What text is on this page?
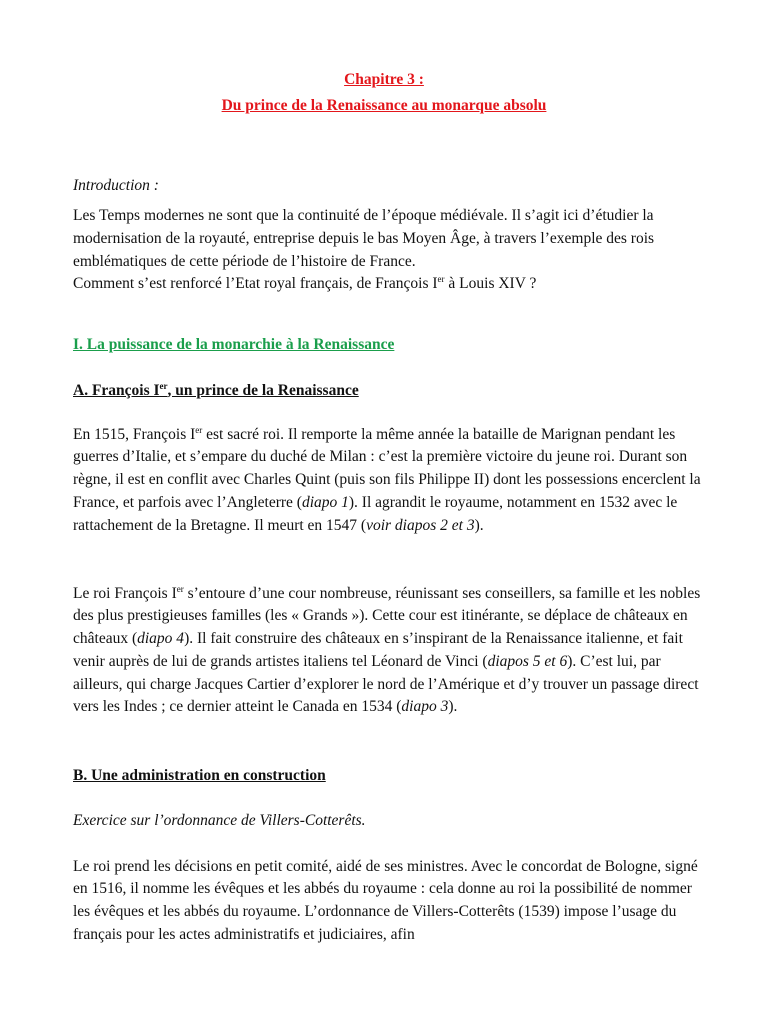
Chapitre 3 :
Du prince de la Renaissance au monarque absolu

Introduction :

Les Temps modernes ne sont que la continuité de l’époque médiévale. Il s’agit ici d’étudier la modernisation de la royauté, entreprise depuis le bas Moyen Âge, à travers l’exemple des rois emblématiques de cette période de l’histoire de France.

Comment s’est renforcé l’Etat royal français, de François Ier à Louis XIV ?

I. La puissance de la monarchie à la Renaissance

A. François Ier, un prince de la Renaissance

En 1515, François Ier est sacré roi. Il remporte la même année la bataille de Marignan pendant les guerres d’Italie, et s’empare du duché de Milan : c’est la première victoire du jeune roi. Durant son règne, il est en conflit avec Charles Quint (puis son fils Philippe II) dont les possessions encerclent la France, et parfois avec l’Angleterre (diapo 1). Il agrandit le royaume, notamment en 1532 avec le rattachement de la Bretagne. Il meurt en 1547 (voir diapos 2 et 3).

Le roi François Ier s’entoure d’une cour nombreuse, réunissant ses conseillers, sa famille et les nobles des plus prestigieuses familles (les « Grands »). Cette cour est itinérante, se déplace de châteaux en châteaux (diapo 4). Il fait construire des châteaux en s’inspirant de la Renaissance italienne, et fait venir auprès de lui de grands artistes italiens tel Léonard de Vinci (diapos 5 et 6). C’est lui, par ailleurs, qui charge Jacques Cartier d’explorer le nord de l’Amérique et d’y trouver un passage direct vers les Indes ; ce dernier atteint le Canada en 1534 (diapo 3).

B. Une administration en construction

Exercice sur l’ordonnance de Villers-Cotterêts.

Le roi prend les décisions en petit comité, aidé de ses ministres. Avec le concordat de Bologne, signé en 1516, il nomme les évêques et les abbés du royaume : cela donne au roi la possibilité de nommer les évêques et les abbés du royaume. L’ordonnance de Villers-Cotterêts (1539) impose l’usage du français pour les actes administratifs et judiciaires, afin
